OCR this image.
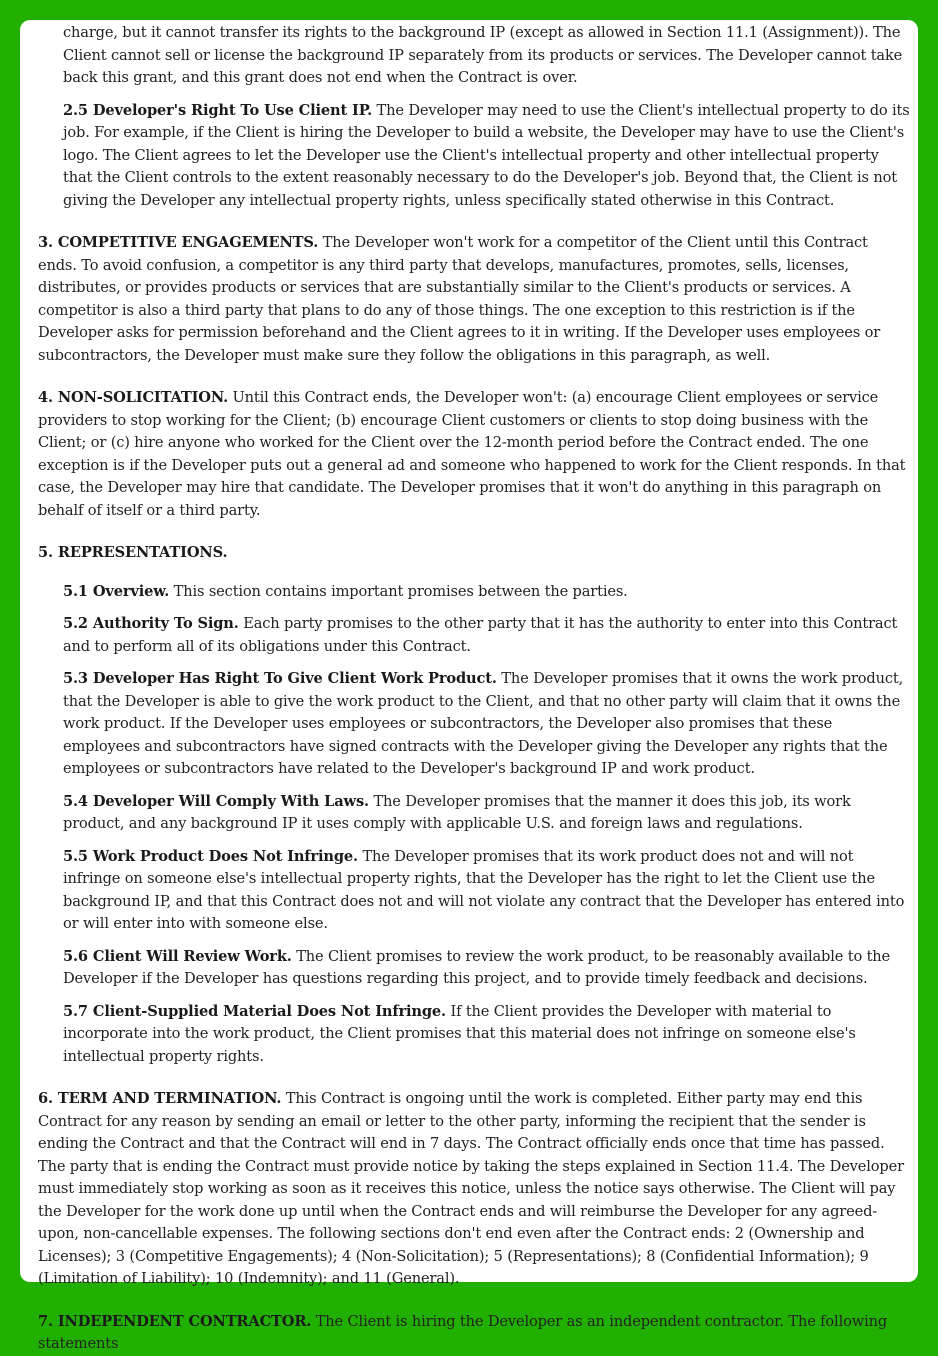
charge, but it cannot transfer its rights to the background IP (except as allowed in Section 11.1 (Assignment)). The Client cannot sell or license the background IP separately from its products or services. The Developer cannot take back this grant, and this grant does not end when the Contract is over.

2.5 Developer's Right To Use Client IP. The Developer may need to use the Client's intellectual property to do its job. For example, if the Client is hiring the Developer to build a website, the Developer may have to use the Client's logo. The Client agrees to let the Developer use the Client's intellectual property and other intellectual property that the Client controls to the extent reasonably necessary to do the Developer's job. Beyond that, the Client is not giving the Developer any intellectual property rights, unless specifically stated otherwise in this Contract.

3. COMPETITIVE ENGAGEMENTS. The Developer won't work for a competitor of the Client until this Contract ends. To avoid confusion, a competitor is any third party that develops, manufactures, promotes, sells, licenses, distributes, or provides products or services that are substantially similar to the Client's products or services. A competitor is also a third party that plans to do any of those things. The one exception to this restriction is if the Developer asks for permission beforehand and the Client agrees to it in writing. If the Developer uses employees or subcontractors, the Developer must make sure they follow the obligations in this paragraph, as well.

4. NON-SOLICITATION. Until this Contract ends, the Developer won't: (a) encourage Client employees or service providers to stop working for the Client; (b) encourage Client customers or clients to stop doing business with the Client; or (c) hire anyone who worked for the Client over the 12-month period before the Contract ended. The one exception is if the Developer puts out a general ad and someone who happened to work for the Client responds. In that case, the Developer may hire that candidate. The Developer promises that it won't do anything in this paragraph on behalf of itself or a third party.

5. REPRESENTATIONS.

5.1 Overview. This section contains important promises between the parties.

5.2 Authority To Sign. Each party promises to the other party that it has the authority to enter into this Contract and to perform all of its obligations under this Contract.

5.3 Developer Has Right To Give Client Work Product. The Developer promises that it owns the work product, that the Developer is able to give the work product to the Client, and that no other party will claim that it owns the work product. If the Developer uses employees or subcontractors, the Developer also promises that these employees and subcontractors have signed contracts with the Developer giving the Developer any rights that the employees or subcontractors have related to the Developer's background IP and work product.

5.4 Developer Will Comply With Laws. The Developer promises that the manner it does this job, its work product, and any background IP it uses comply with applicable U.S. and foreign laws and regulations.

5.5 Work Product Does Not Infringe. The Developer promises that its work product does not and will not infringe on someone else's intellectual property rights, that the Developer has the right to let the Client use the background IP, and that this Contract does not and will not violate any contract that the Developer has entered into or will enter into with someone else.

5.6 Client Will Review Work. The Client promises to review the work product, to be reasonably available to the Developer if the Developer has questions regarding this project, and to provide timely feedback and decisions.

5.7 Client-Supplied Material Does Not Infringe. If the Client provides the Developer with material to incorporate into the work product, the Client promises that this material does not infringe on someone else's intellectual property rights.

6. TERM AND TERMINATION. This Contract is ongoing until the work is completed. Either party may end this Contract for any reason by sending an email or letter to the other party, informing the recipient that the sender is ending the Contract and that the Contract will end in 7 days. The Contract officially ends once that time has passed. The party that is ending the Contract must provide notice by taking the steps explained in Section 11.4. The Developer must immediately stop working as soon as it receives this notice, unless the notice says otherwise. The Client will pay the Developer for the work done up until when the Contract ends and will reimburse the Developer for any agreed-upon, non-cancellable expenses. The following sections don't end even after the Contract ends: 2 (Ownership and Licenses); 3 (Competitive Engagements); 4 (Non-Solicitation); 5 (Representations); 8 (Confidential Information); 9 (Limitation of Liability); 10 (Indemnity); and 11 (General).

7. INDEPENDENT CONTRACTOR. The Client is hiring the Developer as an independent contractor. The following statements
